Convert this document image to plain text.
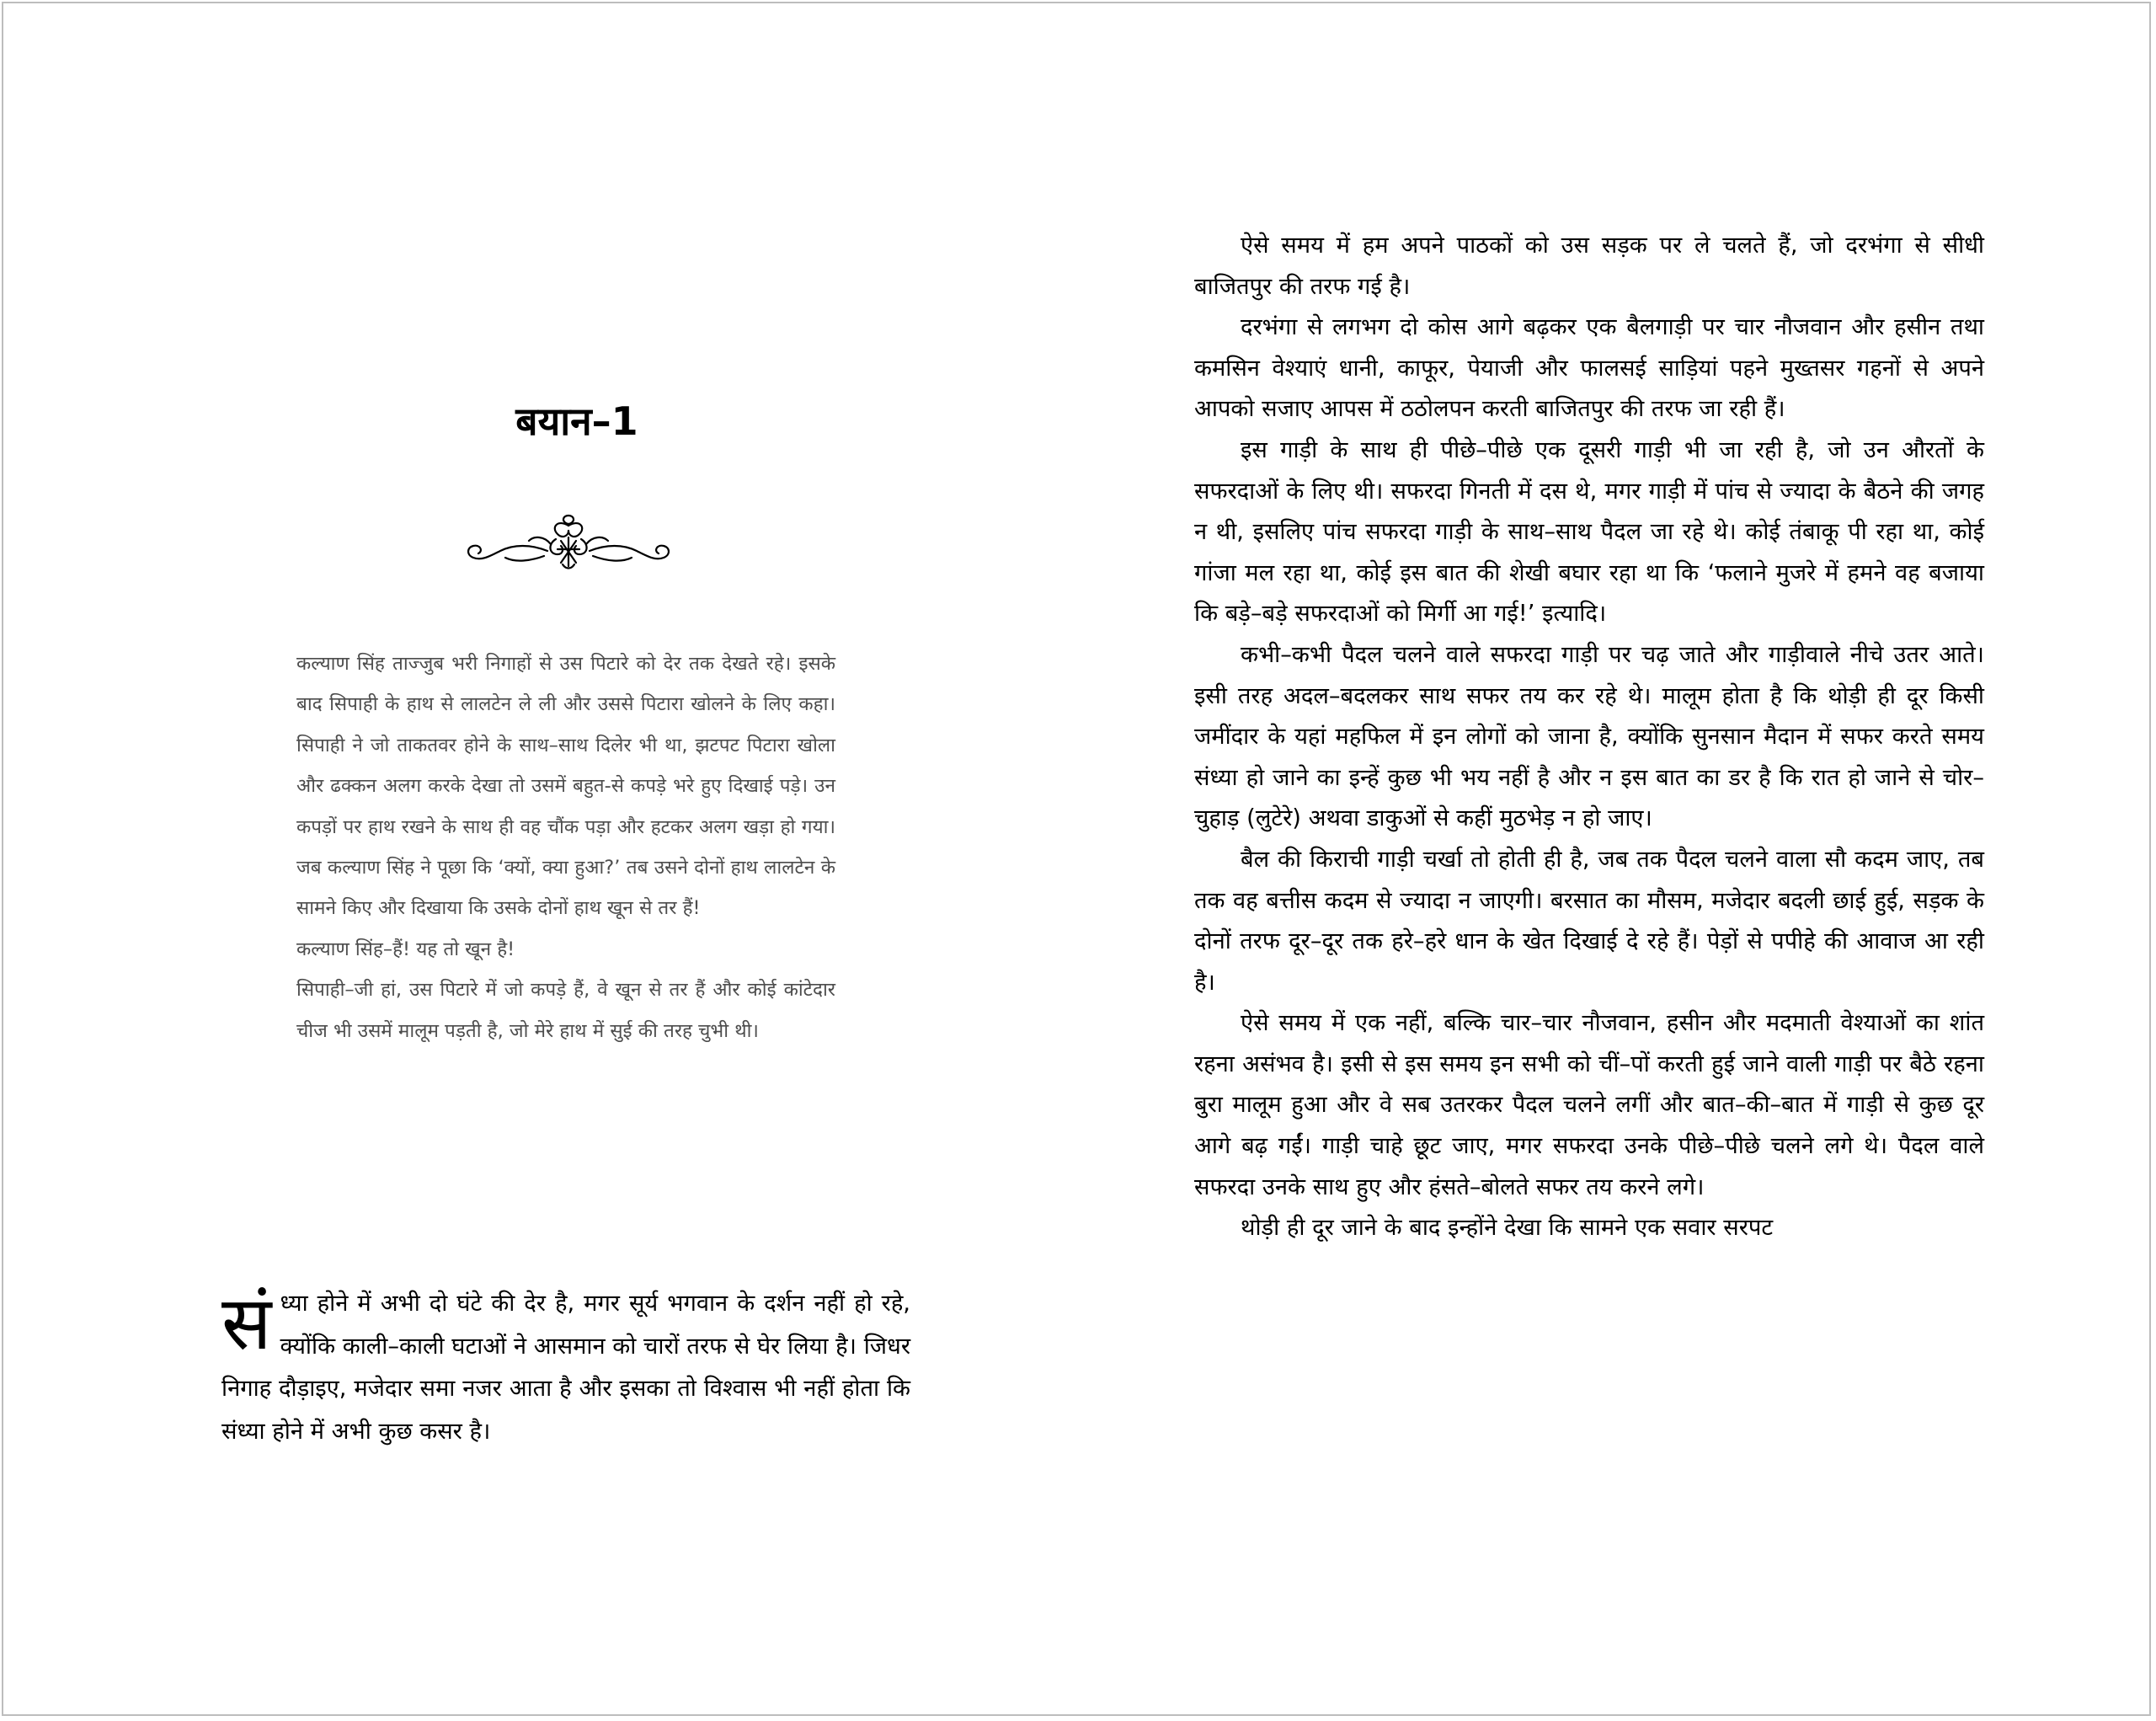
बयान–1

कल्याण सिंह ताज्जुब भरी निगाहों से उस पिटारे को देर तक देखते रहे। इसके बाद सिपाही के हाथ से लालटेन ले ली और उससे पिटारा खोलने के लिए कहा। सिपाही ने जो ताकतवर होने के साथ–साथ दिलेर भी था, झटपट पिटारा खोला और ढक्कन अलग करके देखा तो उसमें बहुत-से कपड़े भरे हुए दिखाई पड़े। उन कपड़ों पर हाथ रखने के साथ ही वह चौंक पड़ा और हटकर अलग खड़ा हो गया। जब कल्याण सिंह ने पूछा कि ‘क्यों, क्या हुआ?’ तब उसने दोनों हाथ लालटेन के सामने किए और दिखाया कि उसके दोनों हाथ खून से तर हैं!

कल्याण सिंह–हैं! यह तो खून है!

सिपाही–जी हां, उस पिटारे में जो कपड़े हैं, वे खून से तर हैं और कोई कांटेदार चीज भी उसमें मालूम पड़ती है, जो मेरे हाथ में सुई की तरह चुभी थी।

सं ध्या होने में अभी दो घंटे की देर है, मगर सूर्य भगवान के दर्शन नहीं हो रहे, क्योंकि काली–काली घटाओं ने आसमान को चारों तरफ से घेर लिया है। जिधर निगाह दौड़ाइए, मजेदार समा नजर आता है और इसका तो विश्वास भी नहीं होता कि संध्या होने में अभी कुछ कसर है।

ऐसे समय में हम अपने पाठकों को उस सड़क पर ले चलते हैं, जो दरभंगा से सीधी बाजितपुर की तरफ गई है।

दरभंगा से लगभग दो कोस आगे बढ़कर एक बैलगाड़ी पर चार नौजवान और हसीन तथा कमसिन वेश्याएं धानी, काफूर, पेयाजी और फालसई साड़ियां पहने मुख्तसर गहनों से अपने आपको सजाए आपस में ठठोलपन करती बाजितपुर की तरफ जा रही हैं।

इस गाड़ी के साथ ही पीछे–पीछे एक दूसरी गाड़ी भी जा रही है, जो उन औरतों के सफरदाओं के लिए थी। सफरदा गिनती में दस थे, मगर गाड़ी में पांच से ज्यादा के बैठने की जगह न थी, इसलिए पांच सफरदा गाड़ी के साथ–साथ पैदल जा रहे थे। कोई तंबाकू पी रहा था, कोई गांजा मल रहा था, कोई इस बात की शेखी बघार रहा था कि ‘फलाने मुजरे में हमने वह बजाया कि बड़े–बड़े सफरदाओं को मिर्गी आ गई!’ इत्यादि।

कभी–कभी पैदल चलने वाले सफरदा गाड़ी पर चढ़ जाते और गाड़ीवाले नीचे उतर आते। इसी तरह अदल–बदलकर साथ सफर तय कर रहे थे। मालूम होता है कि थोड़ी ही दूर किसी जमींदार के यहां महफिल में इन लोगों को जाना है, क्योंकि सुनसान मैदान में सफर करते समय संध्या हो जाने का इन्हें कुछ भी भय नहीं है और न इस बात का डर है कि रात हो जाने से चोर–चुहाड़ (लुटेरे) अथवा डाकुओं से कहीं मुठभेड़ न हो जाए।

बैल की किराची गाड़ी चर्खा तो होती ही है, जब तक पैदल चलने वाला सौ कदम जाए, तब तक वह बत्तीस कदम से ज्यादा न जाएगी। बरसात का मौसम, मजेदार बदली छाई हुई, सड़क के दोनों तरफ दूर–दूर तक हरे–हरे धान के खेत दिखाई दे रहे हैं। पेड़ों से पपीहे की आवाज आ रही है।

ऐसे समय में एक नहीं, बल्कि चार–चार नौजवान, हसीन और मदमाती वेश्याओं का शांत रहना असंभव है। इसी से इस समय इन सभी को चीं–पों करती हुई जाने वाली गाड़ी पर बैठे रहना बुरा मालूम हुआ और वे सब उतरकर पैदल चलने लगीं और बात–की–बात में गाड़ी से कुछ दूर आगे बढ़ गईं। गाड़ी चाहे छूट जाए, मगर सफरदा उनके पीछे–पीछे चलने लगे थे। पैदल वाले सफरदा उनके साथ हुए और हंसते–बोलते सफर तय करने लगे।

थोड़ी ही दूर जाने के बाद इन्होंने देखा कि सामने एक सवार सरपट
